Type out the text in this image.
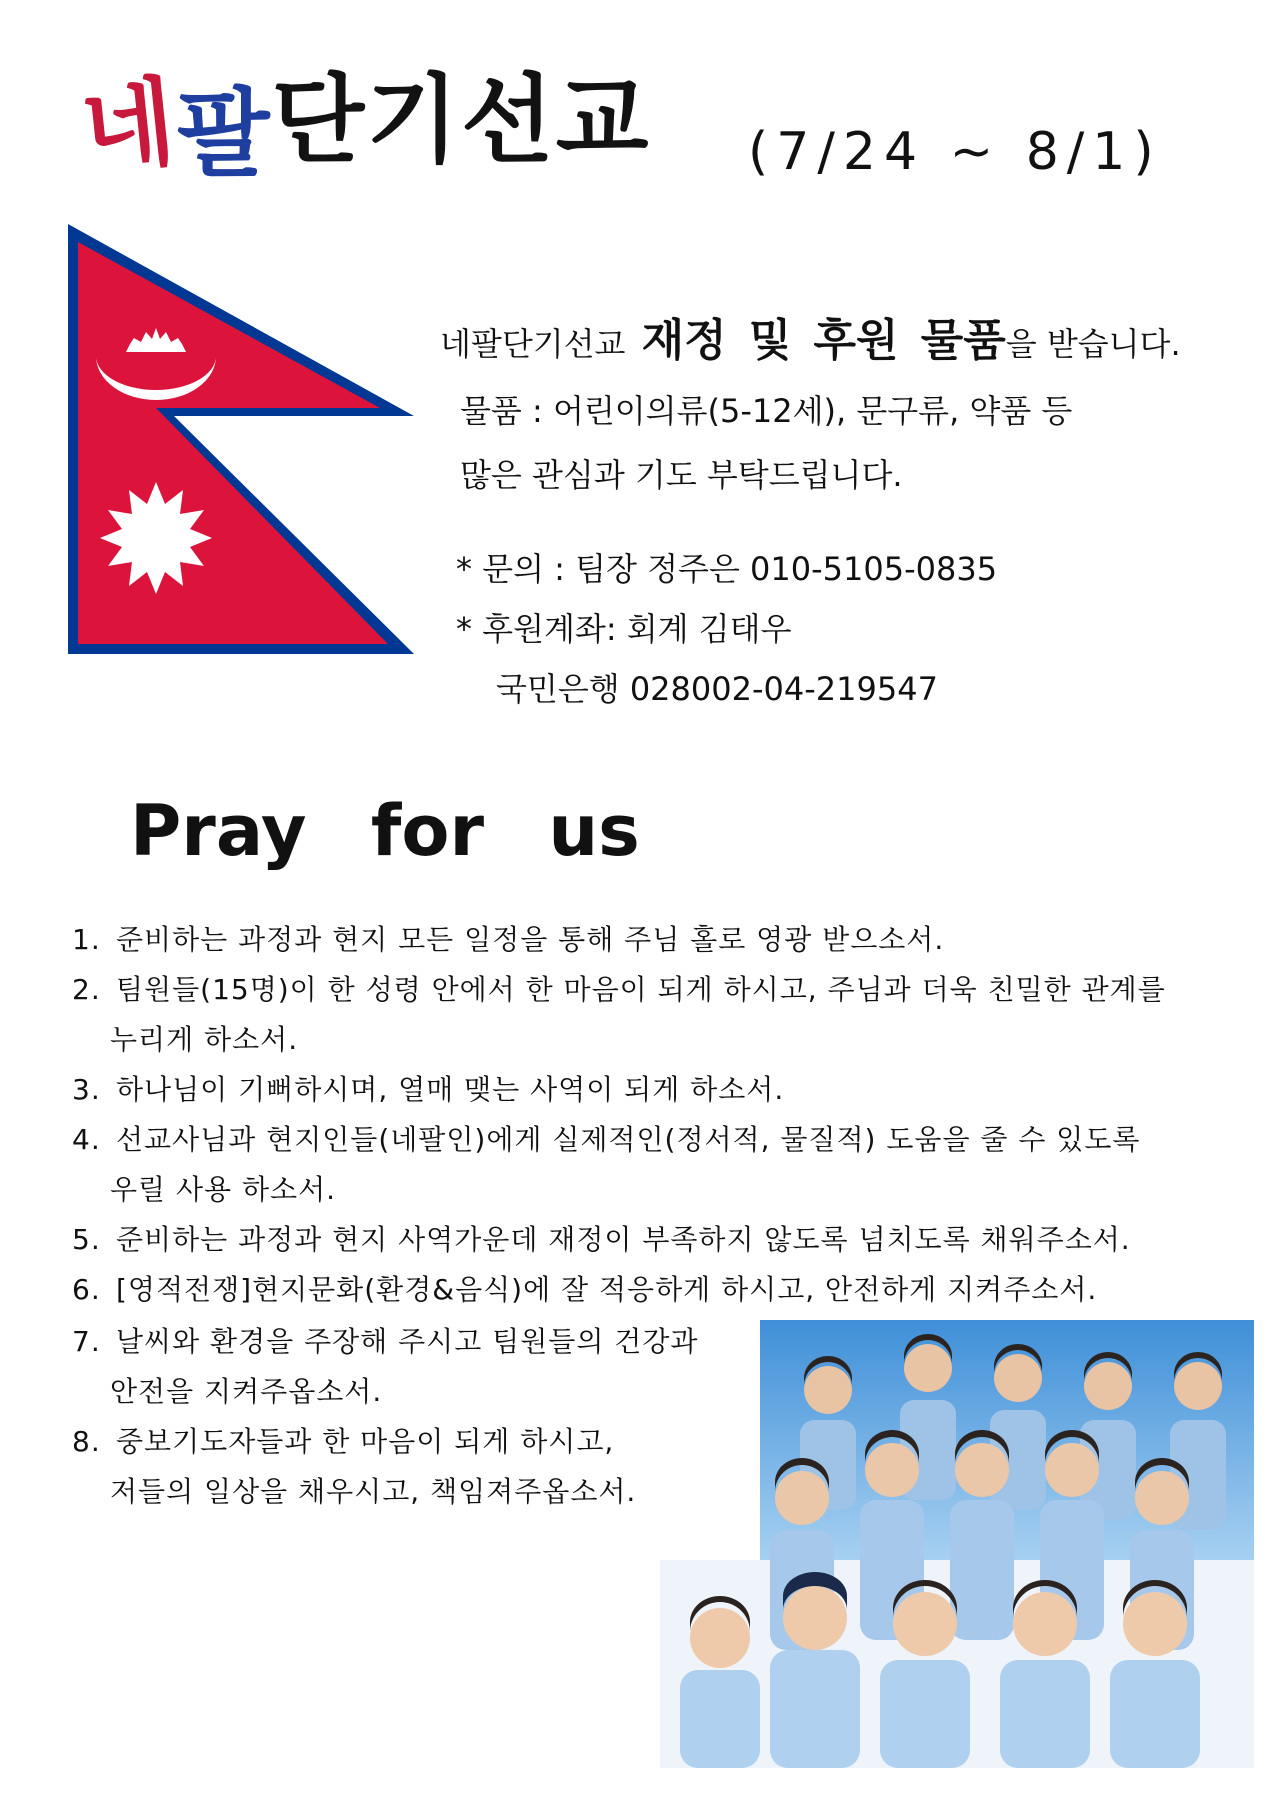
네
팔 단기선교 (7/24 ~ 8/1)
네팔단기선교 재정 및 후원 물품을 받습니다.
물품 : 어린이의류(5-12세), 문구류, 약품 등
많은 관심과 기도 부탁드립니다.
* 문의 : 팀장 정주은 010-5105-0835
* 후원계좌: 회계 김태우
국민은행 028002-04-219547
Pray for us
1. 준비하는 과정과 현지 모든 일정을 통해 주님 홀로 영광 받으소서.
2. 팀원들(15명)이 한 성령 안에서 한 마음이 되게 하시고, 주님과 더욱 친밀한 관계를
누리게 하소서.
3. 하나님이 기뻐하시며, 열매 맺는 사역이 되게 하소서.
4. 선교사님과 현지인들(네팔인)에게 실제적인(정서적, 물질적) 도움을 줄 수 있도록
우릴 사용 하소서.
5. 준비하는 과정과 현지 사역가운데 재정이 부족하지 않도록 넘치도록 채워주소서.
6. [영적전쟁]현지문화(환경&음식)에 잘 적응하게 하시고, 안전하게 지켜주소서.
7. 날씨와 환경을 주장해 주시고 팀원들의 건강과
안전을 지켜주옵소서.
8. 중보기도자들과 한 마음이 되게 하시고,
저들의 일상을 채우시고, 책임져주옵소서.
